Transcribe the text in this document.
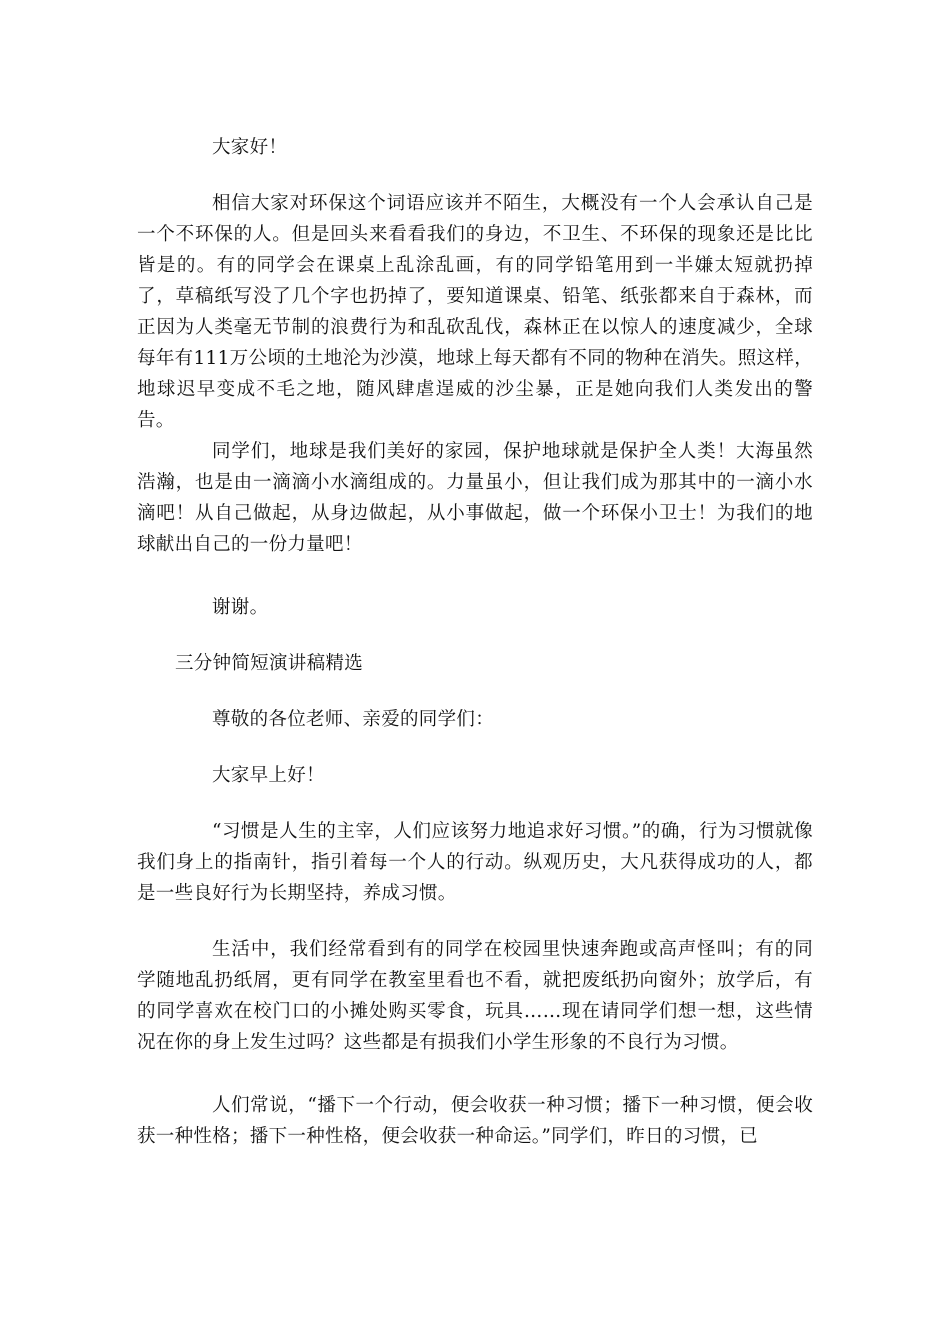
大家好！

相信大家对环保这个词语应该并不陌生，大概没有一个人会承认自己是一个不环保的人。但是回头来看看我们的身边，不卫生、不环保的现象还是比比皆是的。有的同学会在课桌上乱涂乱画，有的同学铅笔用到一半嫌太短就扔掉了，草稿纸写没了几个字也扔掉了，要知道课桌、铅笔、纸张都来自于森林，而正因为人类毫无节制的浪费行为和乱砍乱伐，森林正在以惊人的速度减少，全球每年有111万公顷的土地沦为沙漠，地球上每天都有不同的物种在消失。照这样，地球迟早变成不毛之地，随风肆虐逞威的沙尘暴，正是她向我们人类发出的警告。

同学们，地球是我们美好的家园，保护地球就是保护全人类！大海虽然浩瀚，也是由一滴滴小水滴组成的。力量虽小，但让我们成为那其中的一滴小水滴吧！从自己做起，从身边做起，从小事做起，做一个环保小卫士！为我们的地球献出自己的一份力量吧！

谢谢。

三分钟简短演讲稿精选

尊敬的各位老师、亲爱的同学们：

大家早上好！

“习惯是人生的主宰，人们应该努力地追求好习惯。”的确，行为习惯就像我们身上的指南针，指引着每一个人的行动。纵观历史，大凡获得成功的人，都是一些良好行为长期坚持，养成习惯。

生活中，我们经常看到有的同学在校园里快速奔跑或高声怪叫；有的同学随地乱扔纸屑，更有同学在教室里看也不看，就把废纸扔向窗外；放学后，有的同学喜欢在校门口的小摊处购买零食，玩具……现在请同学们想一想，这些情况在你的身上发生过吗？这些都是有损我们小学生形象的不良行为习惯。

人们常说，“播下一个行动，便会收获一种习惯；播下一种习惯，便会收获一种性格；播下一种性格，便会收获一种命运。”同学们，昨日的习惯，已
